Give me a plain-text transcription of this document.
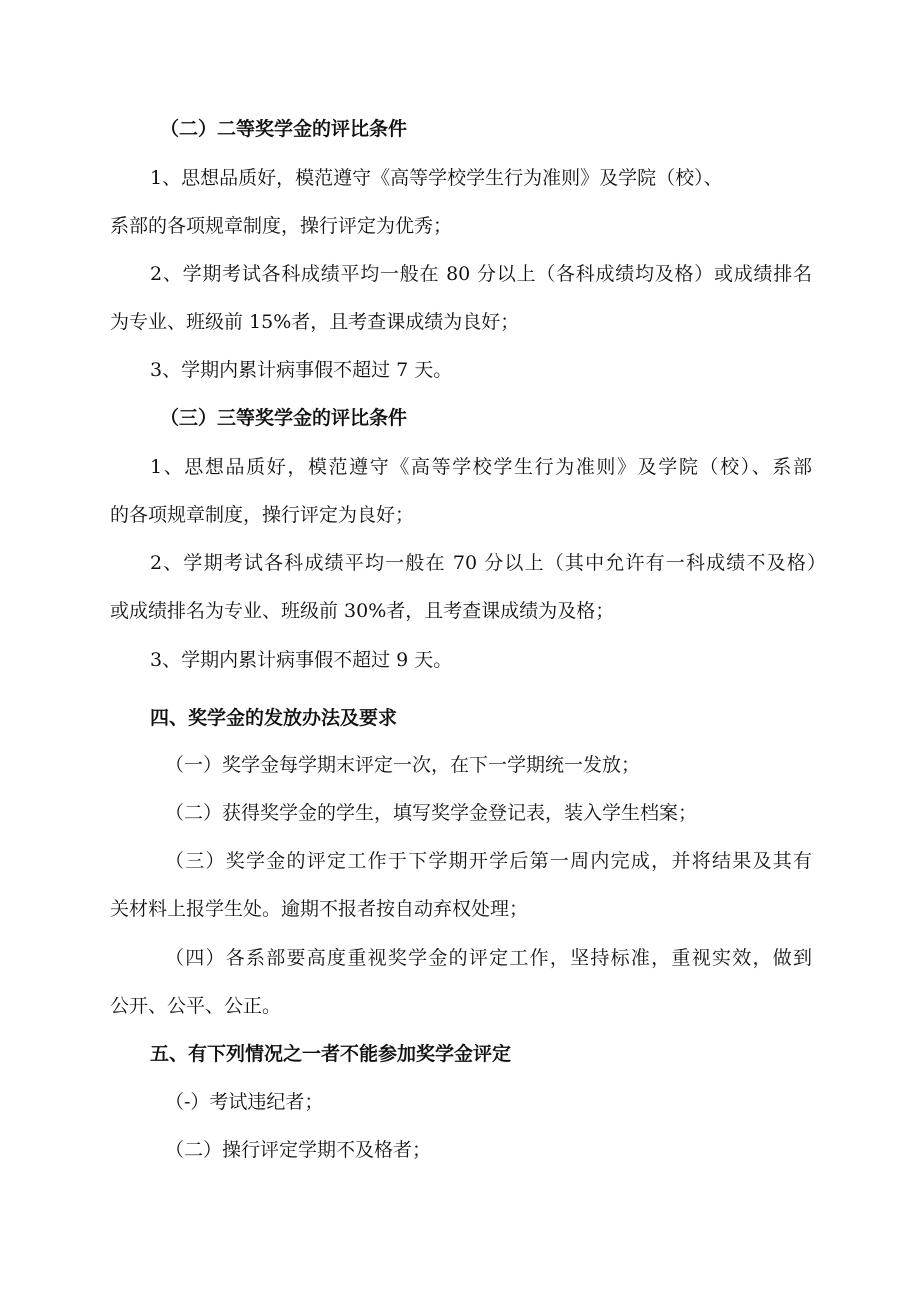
（二）二等奖学金的评比条件

1、思想品质好，模范遵守《高等学校学生行为准则》及学院（校）、

系部的各项规章制度，操行评定为优秀；

2、学期考试各科成绩平均一般在 80 分以上（各科成绩均及格）或成绩排名

为专业、班级前 15%者，且考查课成绩为良好；

3、学期内累计病事假不超过 7 天。

（三）三等奖学金的评比条件

1、思想品质好，模范遵守《高等学校学生行为准则》及学院（校）、系部

的各项规章制度，操行评定为良好；

2、学期考试各科成绩平均一般在 70 分以上（其中允许有一科成绩不及格）

或成绩排名为专业、班级前 30%者，且考查课成绩为及格；

3、学期内累计病事假不超过 9 天。

四、奖学金的发放办法及要求

（一）奖学金每学期末评定一次，在下一学期统一发放；

（二）获得奖学金的学生，填写奖学金登记表，装入学生档案；

（三）奖学金的评定工作于下学期开学后第一周内完成，并将结果及其有

关材料上报学生处。逾期不报者按自动弃权处理；

（四）各系部要高度重视奖学金的评定工作，坚持标准，重视实效，做到

公开、公平、公正。

五、有下列情况之一者不能参加奖学金评定

（-）考试违纪者；

（二）操行评定学期不及格者；
